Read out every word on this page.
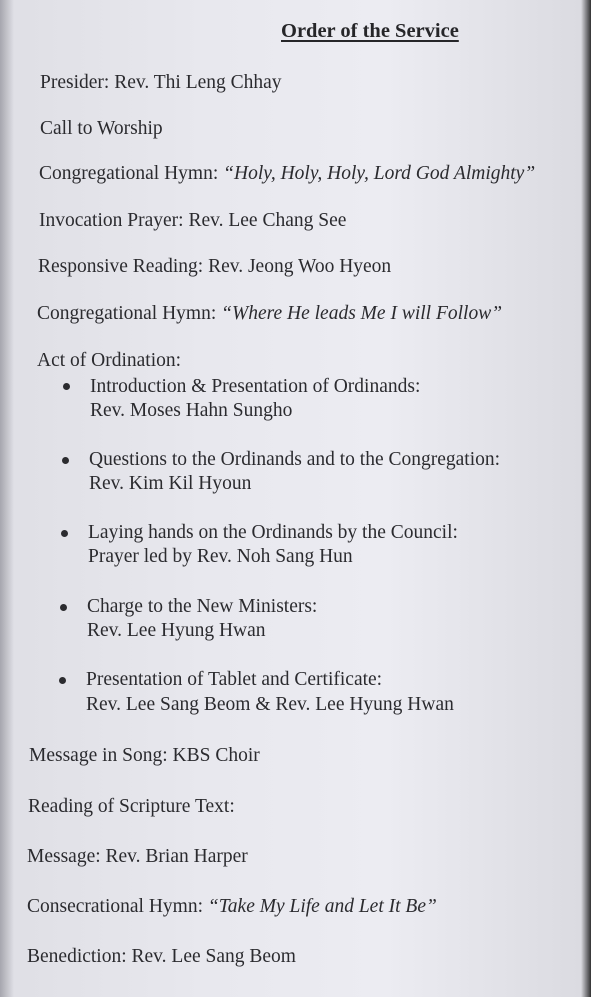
Order of the Service
Presider: Rev. Thi Leng Chhay
Call to Worship
Congregational Hymn: “Holy, Holy, Holy, Lord God Almighty”
Invocation Prayer: Rev. Lee Chang See
Responsive Reading: Rev. Jeong Woo Hyeon
Congregational Hymn: “Where He leads Me I will Follow”
Act of Ordination:
Introduction & Presentation of Ordinands:
Rev. Moses Hahn Sungho
Questions to the Ordinands and to the Congregation:
Rev. Kim Kil Hyoun
Laying hands on the Ordinands by the Council:
Prayer led by Rev. Noh Sang Hun
Charge to the New Ministers:
Rev. Lee Hyung Hwan
Presentation of Tablet and Certificate:
Rev. Lee Sang Beom & Rev. Lee Hyung Hwan
Message in Song: KBS Choir
Reading of Scripture Text:
Message: Rev. Brian Harper
Consecrational Hymn: “Take My Life and Let It Be”
Benediction: Rev. Lee Sang Beom
